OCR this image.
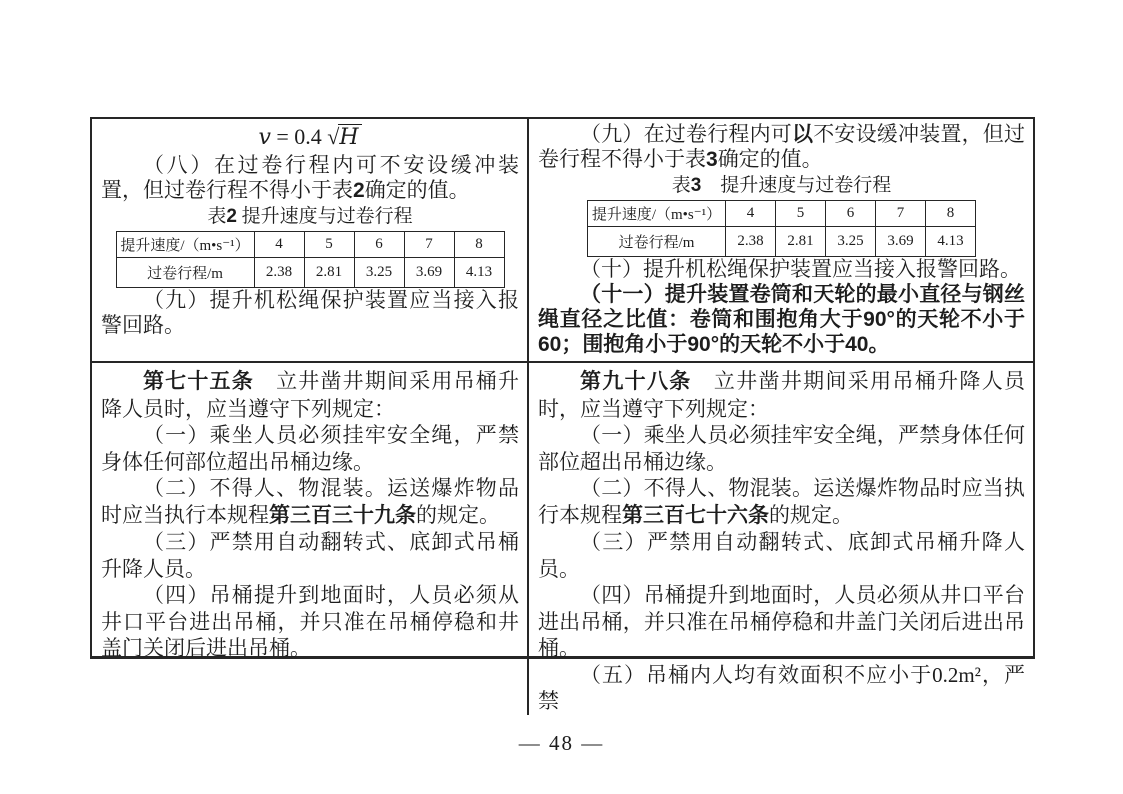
v = 0.4 √H

（八）在过卷行程内可不安设缓冲装置，但过卷行程不得小于表2确定的值。

表2 提升速度与过卷行程
提升速度/（m•s⁻¹）	4	5	6	7	8
过卷行程/m	2.38	2.81	3.25	3.69	4.13

（九）提升机松绳保护装置应当接入报警回路。

（九）在过卷行程内可以不安设缓冲装置，但过卷行程不得小于表3确定的值。

表3　提升速度与过卷行程
提升速度/（m•s⁻¹）	4	5	6	7	8
过卷行程/m	2.38	2.81	3.25	3.69	4.13

（十）提升机松绳保护装置应当接入报警回路。

（十一）提升装置卷筒和天轮的最小直径与钢丝绳直径之比值：卷筒和围抱角大于90°的天轮不小于60；围抱角小于90°的天轮不小于40。

第七十五条　立井凿井期间采用吊桶升降人员时，应当遵守下列规定：

（一）乘坐人员必须挂牢安全绳，严禁身体任何部位超出吊桶边缘。

（二）不得人、物混装。运送爆炸物品时应当执行本规程第三百三十九条的规定。

（三）严禁用自动翻转式、底卸式吊桶升降人员。

（四）吊桶提升到地面时，人员必须从井口平台进出吊桶，并只准在吊桶停稳和井盖门关闭后进出吊桶。

第九十八条　立井凿井期间采用吊桶升降人员时，应当遵守下列规定：

（一）乘坐人员必须挂牢安全绳，严禁身体任何部位超出吊桶边缘。

（二）不得人、物混装。运送爆炸物品时应当执行本规程第三百七十六条的规定。

（三）严禁用自动翻转式、底卸式吊桶升降人员。

（四）吊桶提升到地面时，人员必须从井口平台进出吊桶，并只准在吊桶停稳和井盖门关闭后进出吊桶。

（五）吊桶内人均有效面积不应小于0.2m²，严禁

— 48 —
